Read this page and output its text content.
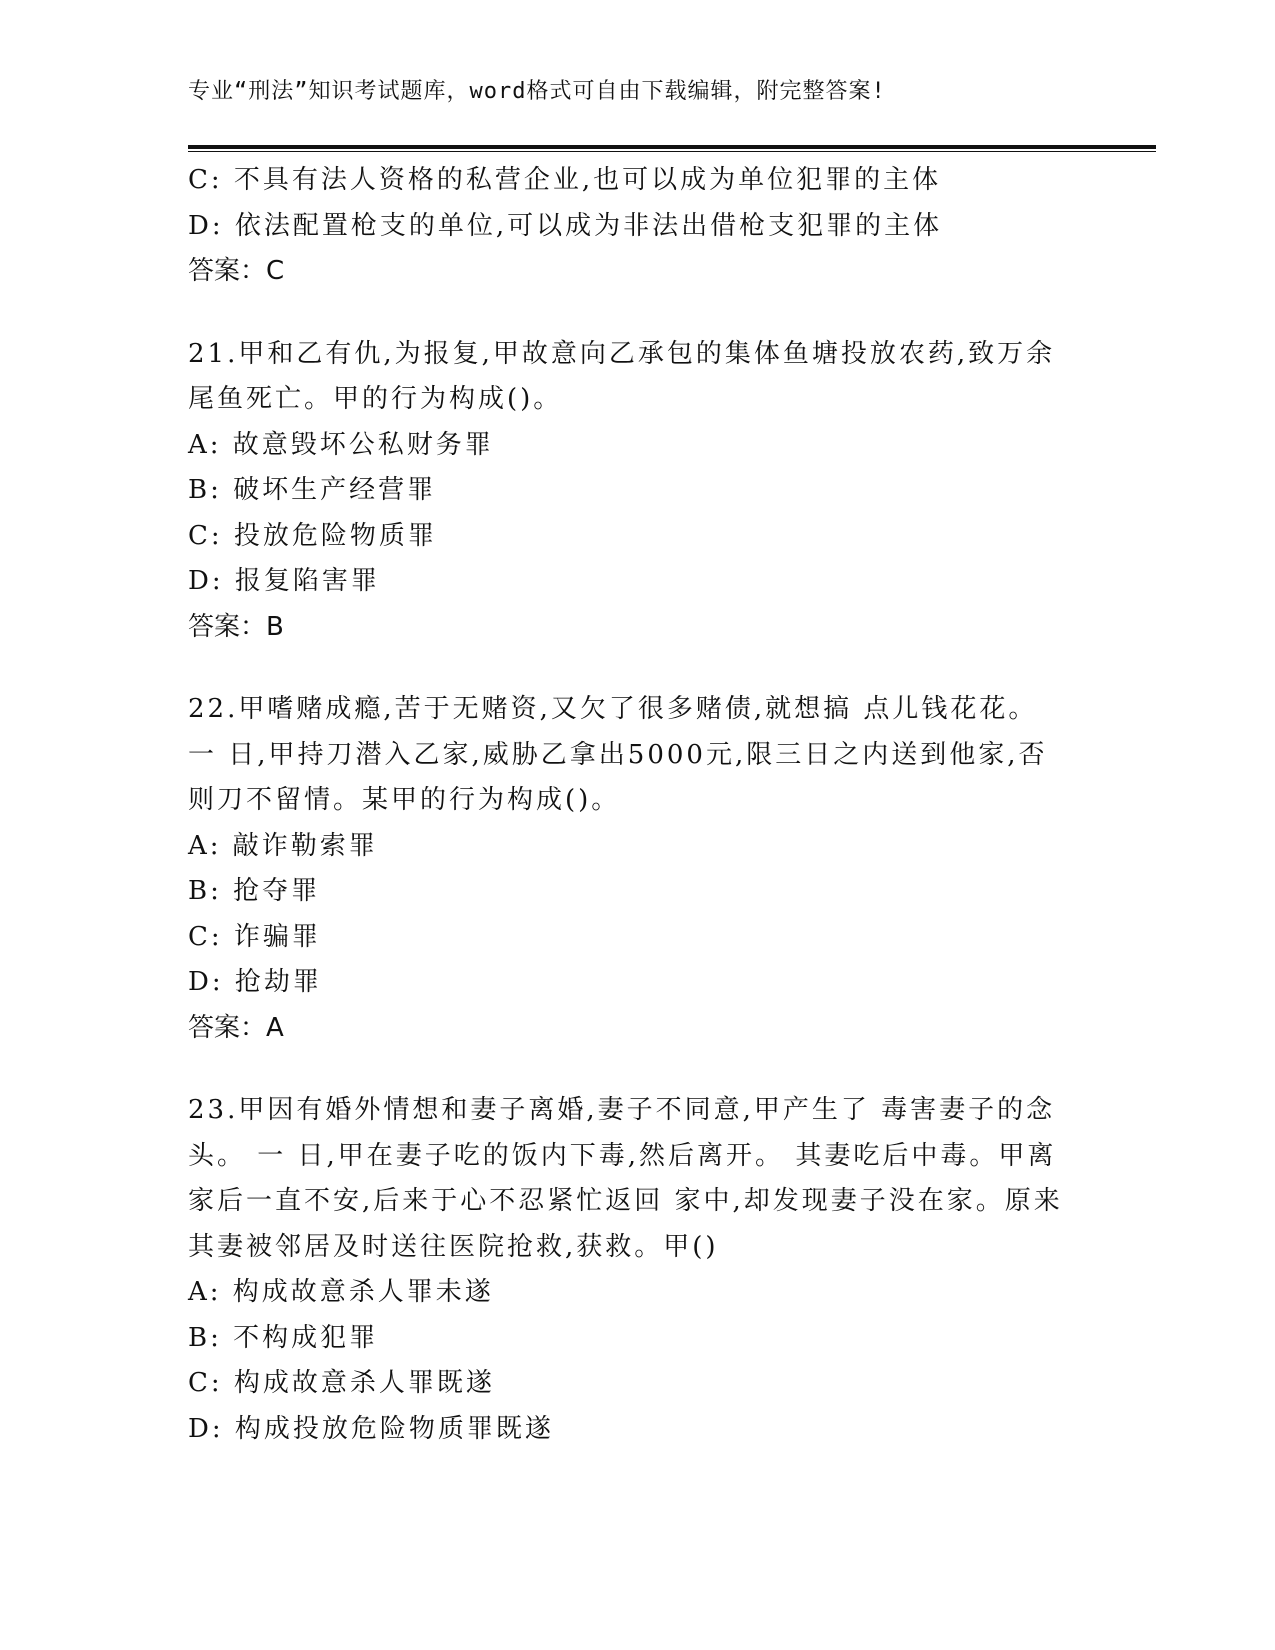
专业“刑法”知识考试题库，word格式可自由下载编辑，附完整答案!
C: 不具有法人资格的私营企业,也可以成为单位犯罪的主体
D: 依法配置枪支的单位,可以成为非法出借枪支犯罪的主体
答案：C
21.甲和乙有仇,为报复,甲故意向乙承包的集体鱼塘投放农药,致万余
尾鱼死亡。甲的行为构成()。
A: 故意毁坏公私财务罪
B: 破坏生产经营罪
C: 投放危险物质罪
D: 报复陷害罪
答案：B
22.甲嗜赌成瘾,苦于无赌资,又欠了很多赌债,就想搞 点儿钱花花。
一 日,甲持刀潜入乙家,威胁乙拿出5000元,限三日之内送到他家,否
则刀不留情。某甲的行为构成()。
A: 敲诈勒索罪
B: 抢夺罪
C: 诈骗罪
D: 抢劫罪
答案：A
23.甲因有婚外情想和妻子离婚,妻子不同意,甲产生了 毒害妻子的念
头。 一 日,甲在妻子吃的饭内下毒,然后离开。 其妻吃后中毒。甲离
家后一直不安,后来于心不忍紧忙返回 家中,却发现妻子没在家。原来
其妻被邻居及时送往医院抢救,获救。甲()
A: 构成故意杀人罪未遂
B: 不构成犯罪
C: 构成故意杀人罪既遂
D: 构成投放危险物质罪既遂
